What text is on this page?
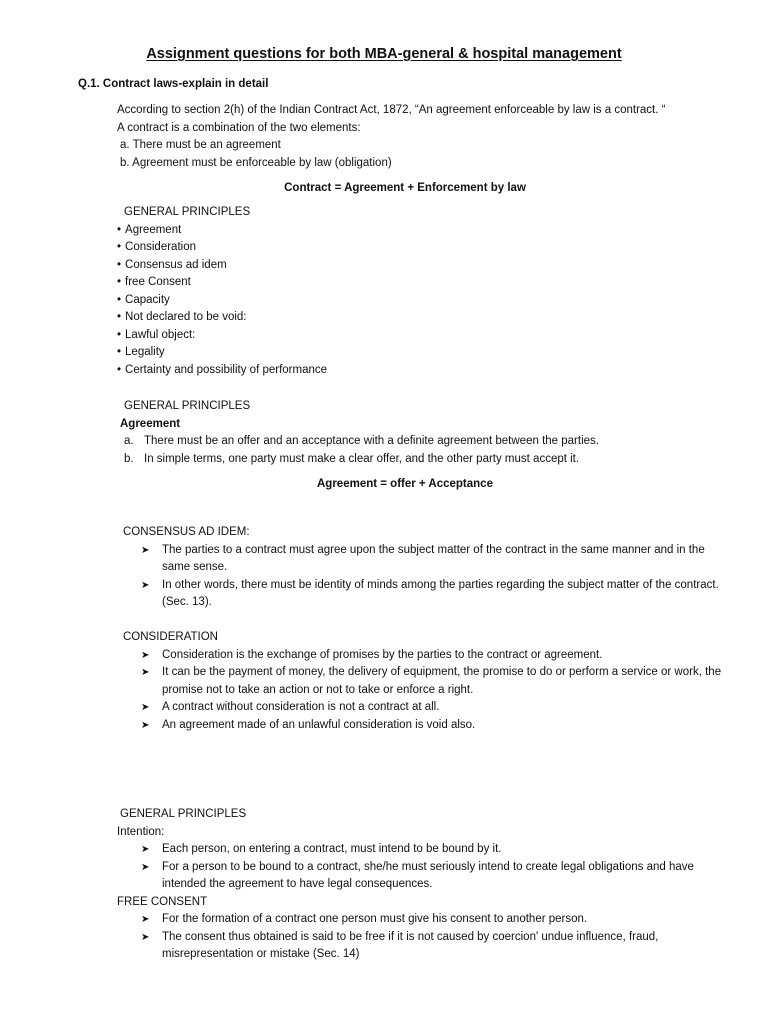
Assignment questions for both MBA-general & hospital management
Q.1. Contract laws-explain in detail
According to section 2(h) of the Indian Contract Act, 1872, “An agreement enforceable by law is a contract. “
A contract is a combination of the two elements:
a. There must be an agreement
b. Agreement must be enforceable by law (obligation)
Contract = Agreement + Enforcement by law
GENERAL PRINCIPLES
• Agreement
• Consideration
• Consensus ad idem
• free Consent
• Capacity
• Not declared to be void:
• Lawful object:
• Legality
• Certainty and possibility of performance
GENERAL PRINCIPLES
Agreement
a. There must be an offer and an acceptance with a definite agreement between the parties.
b. In simple terms, one party must make a clear offer, and the other party must accept it.
Agreement = offer + Acceptance
CONSENSUS AD IDEM:
➤	The parties to a contract must agree upon the subject matter of the contract in the same manner and in the same sense.
➤	In other words, there must be identity of minds among the parties regarding the subject matter of the contract. (Sec. 13).
CONSIDERATION
➤	Consideration is the exchange of promises by the parties to the contract or agreement.
➤	It can be the payment of money, the delivery of equipment, the promise to do or perform a service or work, the promise not to take an action or not to take or enforce a right.
➤	A contract without consideration is not a contract at all.
➤	An agreement made of an unlawful consideration is void also.
GENERAL PRINCIPLES
Intention:
➤	Each person, on entering a contract, must intend to be bound by it.
➤	For a person to be bound to a contract, she/he must seriously intend to create legal obligations and have intended the agreement to have legal consequences.
FREE CONSENT
➤	For the formation of a contract one person must give his consent to another person.
➤	The consent thus obtained is said to be free if it is not caused by coercion' undue influence, fraud, misrepresentation or mistake (Sec. 14)
